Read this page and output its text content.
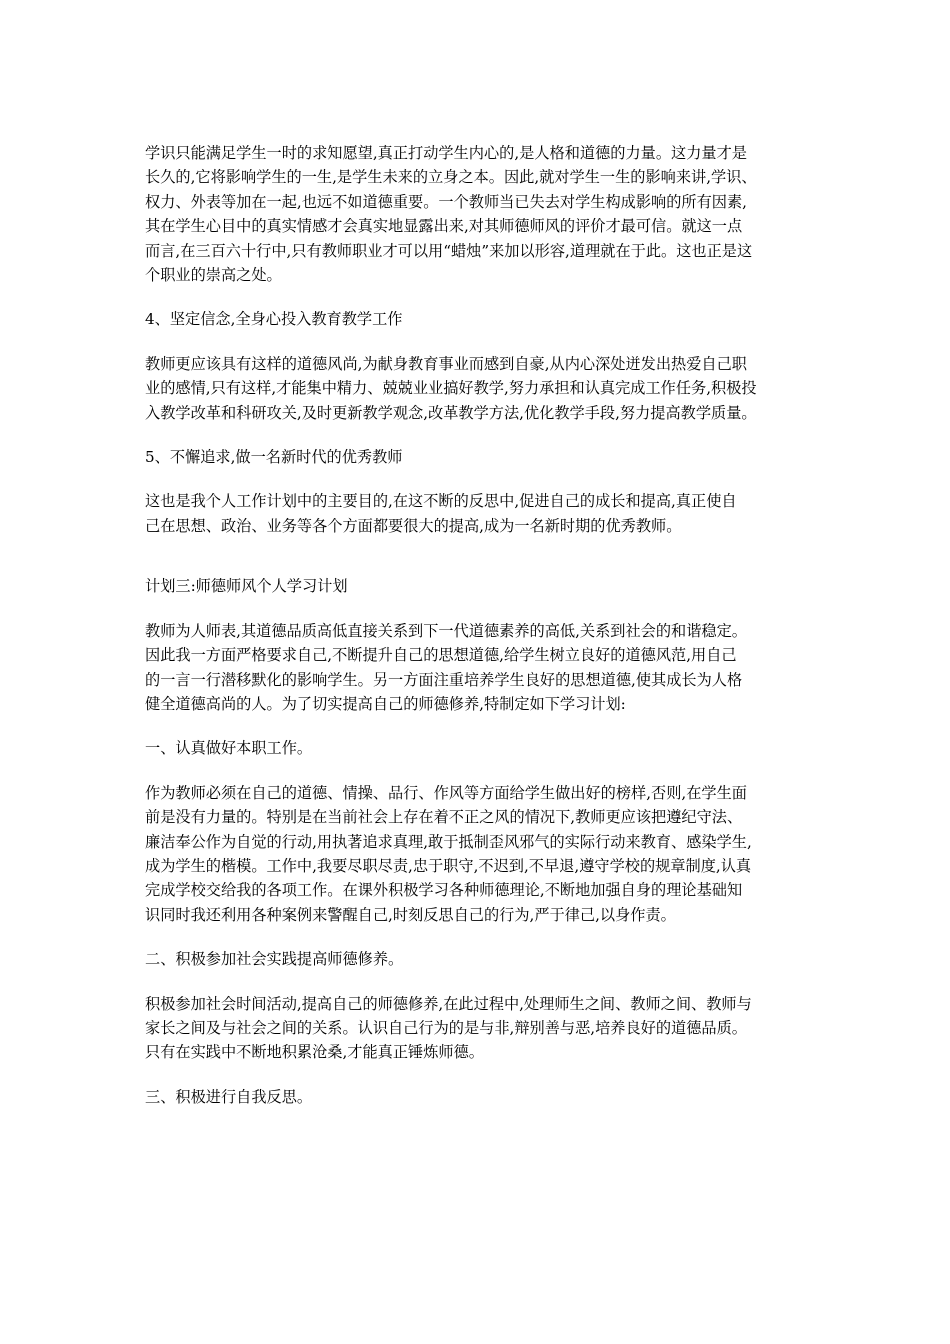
学识只能满足学生一时的求知愿望,真正打动学生内心的,是人格和道德的力量。这力量才是
长久的,它将影响学生的一生,是学生未来的立身之本。因此,就对学生一生的影响来讲,学识、
权力、外表等加在一起,也远不如道德重要。一个教师当已失去对学生构成影响的所有因素,
其在学生心目中的真实情感才会真实地显露出来,对其师德师风的评价才最可信。就这一点
而言,在三百六十行中,只有教师职业才可以用“蜡烛”来加以形容,道理就在于此。这也正是这
个职业的崇高之处。

4、坚定信念,全身心投入教育教学工作

教师更应该具有这样的道德风尚,为献身教育事业而感到自豪,从内心深处迸发出热爱自己职
业的感情,只有这样,才能集中精力、兢兢业业搞好教学,努力承担和认真完成工作任务,积极投
入教学改革和科研攻关,及时更新教学观念,改革教学方法,优化教学手段,努力提高教学质量。

5、不懈追求,做一名新时代的优秀教师

这也是我个人工作计划中的主要目的,在这不断的反思中,促进自己的成长和提高,真正使自
己在思想、政治、业务等各个方面都要很大的提高,成为一名新时期的优秀教师。

计划三:师德师风个人学习计划

教师为人师表,其道德品质高低直接关系到下一代道德素养的高低,关系到社会的和谐稳定。
因此我一方面严格要求自己,不断提升自己的思想道德,给学生树立良好的道德风范,用自己
的一言一行潜移默化的影响学生。另一方面注重培养学生良好的思想道德,使其成长为人格
健全道德高尚的人。为了切实提高自己的师德修养,特制定如下学习计划:

一、认真做好本职工作。

作为教师必须在自己的道德、情操、品行、作风等方面给学生做出好的榜样,否则,在学生面
前是没有力量的。特别是在当前社会上存在着不正之风的情况下,教师更应该把遵纪守法、
廉洁奉公作为自觉的行动,用执著追求真理,敢于抵制歪风邪气的实际行动来教育、感染学生,
成为学生的楷模。工作中,我要尽职尽责,忠于职守,不迟到,不早退,遵守学校的规章制度,认真
完成学校交给我的各项工作。在课外积极学习各种师德理论,不断地加强自身的理论基础知
识同时我还利用各种案例来警醒自己,时刻反思自己的行为,严于律己,以身作责。

二、积极参加社会实践提高师德修养。

积极参加社会时间活动,提高自己的师德修养,在此过程中,处理师生之间、教师之间、教师与
家长之间及与社会之间的关系。认识自己行为的是与非,辩别善与恶,培养良好的道德品质。
只有在实践中不断地积累沧桑,才能真正锤炼师德。

三、积极进行自我反思。
